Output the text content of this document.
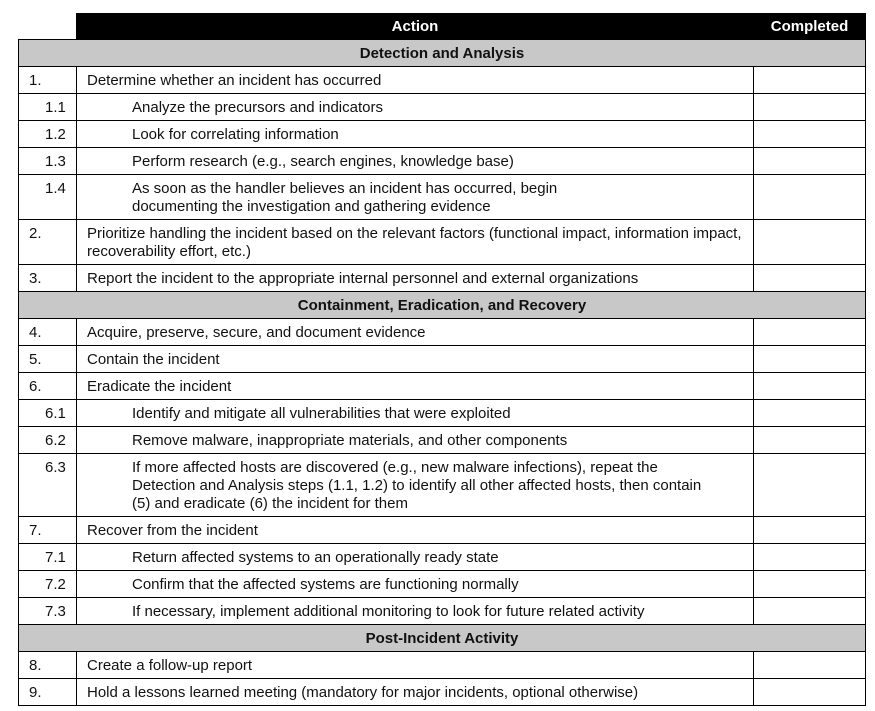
	Action	Completed
Detection and Analysis		
1.	Determine whether an incident has occurred	

1.1	Analyze the precursors and indicators	

1.2	Look for correlating information	

1.3	Perform research (e.g., search engines, knowledge base)	

1.4	As soon as the handler believes an incident has occurred, begin documenting the investigation and gathering evidence	

2.	Prioritize handling the incident based on the relevant factors (functional impact, information impact, recoverability effort, etc.)	

3.	Report the incident to the appropriate internal personnel and external organizations	

Containment, Eradication, and Recovery		
4.	Acquire, preserve, secure, and document evidence	

5.	Contain the incident	

6.	Eradicate the incident	

6.1	Identify and mitigate all vulnerabilities that were exploited	

6.2	Remove malware, inappropriate materials, and other components	

6.3	If more affected hosts are discovered (e.g., new malware infections), repeat the Detection and Analysis steps (1.1, 1.2) to identify all other affected hosts, then contain (5) and eradicate (6) the incident for them	

7.	Recover from the incident	

7.1	Return affected systems to an operationally ready state	

7.2	Confirm that the affected systems are functioning normally	

7.3	If necessary, implement additional monitoring to look for future related activity	

Post-Incident Activity		
8.	Create a follow-up report	

9.	Hold a lessons learned meeting (mandatory for major incidents, optional otherwise)	
